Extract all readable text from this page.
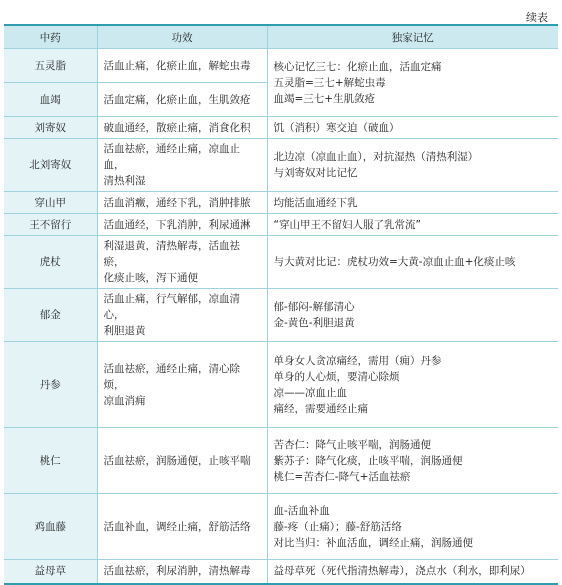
续表
中药	功效	独家记忆
五灵脂	活血止痛，化瘀止血，解蛇虫毒	核心记忆三七：化瘀止血，活血定痛
五灵脂=三七+解蛇虫毒
血竭=三七+生肌敛疮

血竭	活血定痛，化瘀止血，生肌敛疮	

刘寄奴	破血通经，散瘀止痛，消食化积	饥（消积）寒交迫（破血）

北刘寄奴	活血祛瘀，通经止痛，凉血止血，
清热利湿	北边凉（凉血止血），对抗湿热（清热利湿）
与刘寄奴对比记忆

穿山甲	活血消癥，通经下乳，消肿排脓	均能活血通经下乳

王不留行	活血通经，下乳消肿，利尿通淋	“穿山甲王不留妇人服了乳常流”

虎杖	利湿退黄，清热解毒，活血祛瘀，
化痰止咳，泻下通便	与大黄对比记：虎杖功效=大黄-凉血止血+化痰止咳

郁金	活血止痛，行气解郁，凉血清心，
利胆退黄	郁-郁闷-解郁清心
金-黄色-利胆退黄

丹参	活血祛瘀，通经止痛，清心除烦，
凉血消痈	单身女人贪凉痛经，需用（痈）丹参
单身的人心烦，要清心除烦
凉——凉血止血
痛经，需要通经止痛

桃仁	活血祛瘀，润肠通便，止咳平喘	苦杏仁：降气止咳平喘，润肠通便
紫苏子：降气化痰，止咳平喘，润肠通便
桃仁=苦杏仁-降气+活血祛瘀

鸡血藤	活血补血，调经止痛，舒筋活络	血-活血补血
藤-疼（止痛）；藤-舒筋活络
对比当归：补血活血，调经止痛，润肠通便

益母草	活血祛瘀，利尿消肿，清热解毒	益母草死（死代指清热解毒），浇点水（利水，即利尿）
